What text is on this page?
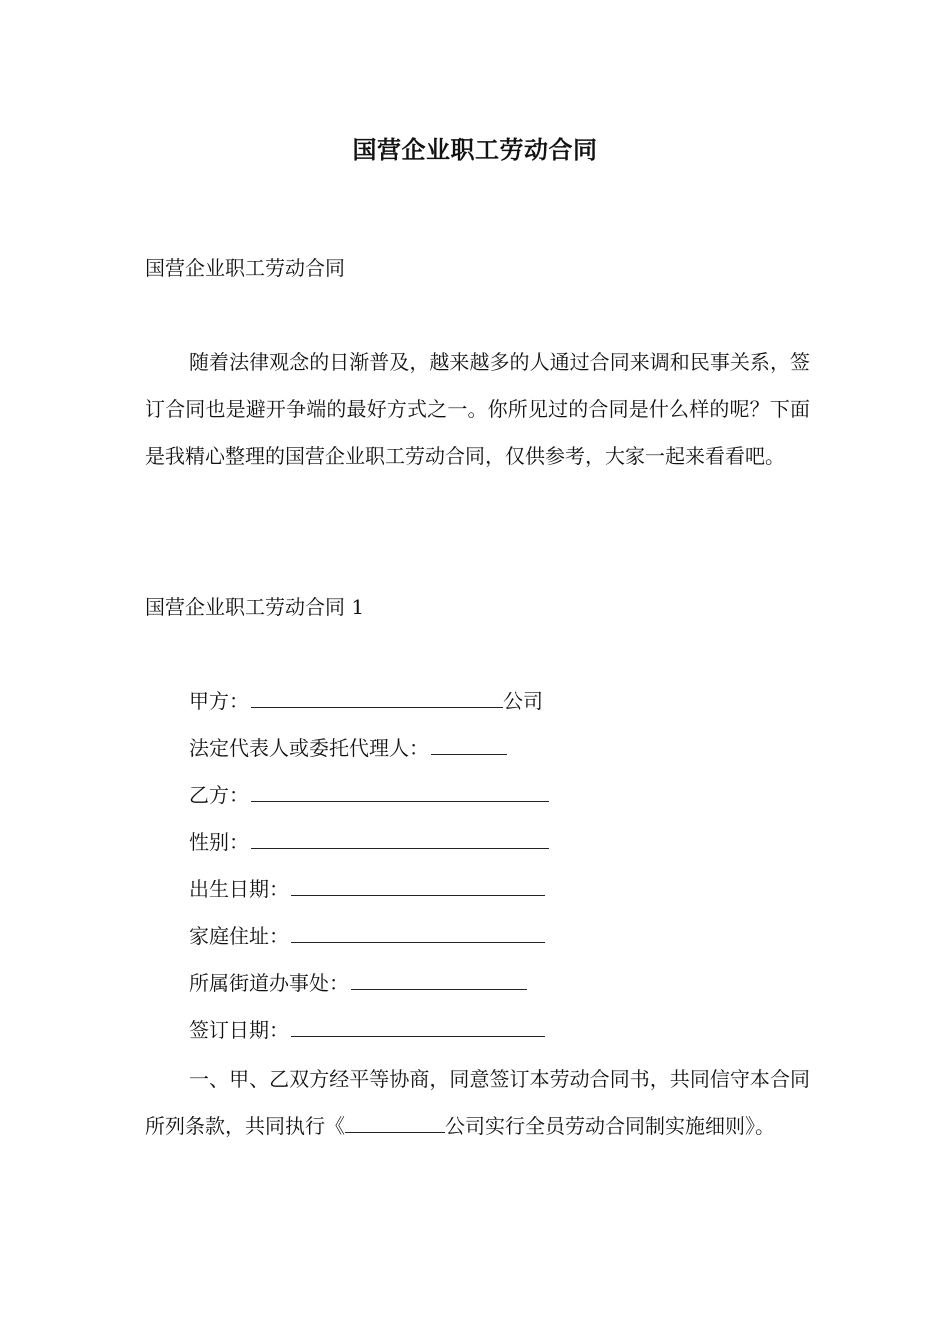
国营企业职工劳动合同
国营企业职工劳动合同

随着法律观念的日渐普及，越来越多的人通过合同来调和民事关系，签订合同也是避开争端的最好方式之一。你所见过的合同是什么样的呢？下面是我精心整理的国营企业职工劳动合同，仅供参考，大家一起来看看吧。

国营企业职工劳动合同 1
甲方：	公司
法定代表人或委托代理人：
乙方：
性别：
出生日期：
家庭住址：
所属街道办事处：
签订日期：

一、甲、乙双方经平等协商，同意签订本劳动合同书，共同信守本合同所列条款，共同执行《	公司实行全员劳动合同制实施细则》。
